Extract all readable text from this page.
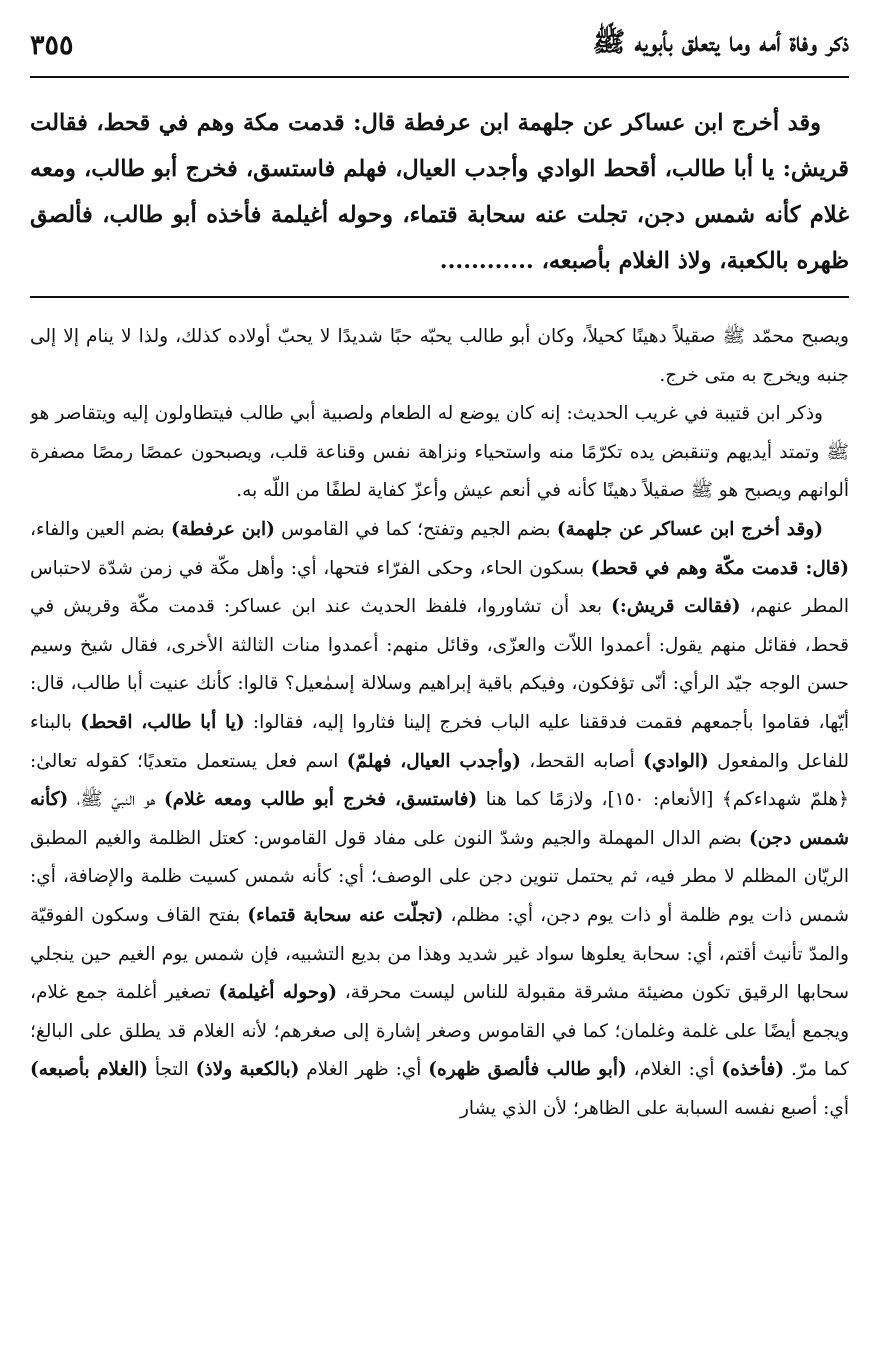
ذكر وفاة أمه وما يتعلق بأبويه ﷺ
٣٥٥

وقد أخرج ابن عساكر عن جلهمة ابن عرفطة قال: قدمت مكة وهم في قحط، فقالت قريش: يا أبا طالب، أقحط الوادي وأجدب العيال، فهلم فاستسق، فخرج أبو طالب، ومعه غلام كأنه شمس دجن، تجلت عنه سحابة قتماء، وحوله أغيلمة فأخذه أبو طالب، فألصق ظهره بالكعبة، ولاذ الغلام بأصبعه، ............

ويصبح محمّد ﷺ صقيلاً دهينًا كحيلاً، وكان أبو طالب يحبّه حبًا شديدًا لا يحبّ أولاده كذلك، ولذا لا ينام إلا إلى جنبه ويخرج به متى خرج.

وذكر ابن قتيبة في غريب الحديث: إنه كان يوضع له الطعام ولصبية أبي طالب فيتطاولون إليه ويتقاصر هو ﷺ وتمتد أيديهم وتنقبض يده تكرّمًا منه واستحياء ونزاهة نفس وقناعة قلب، ويصبحون عمصًا رمصًا مصفرة ألوانهم ويصبح هو ﷺ صقيلاً دهينًا كأنه في أنعم عيش وأعزّ كفاية لطفًا من اللّه به.

(وقد أخرج ابن عساكر عن جلهمة) بضم الجيم وتفتح؛ كما في القاموس (ابن عرفطة) بضم العين والفاء، (قال: قدمت مكّة وهم في قحط) بسكون الحاء، وحكى الفرّاء فتحها، أي: وأهل مكّة في زمن شدّة لاحتباس المطر عنهم، (فقالت قريش:) بعد أن تشاوروا، فلفظ الحديث عند ابن عساكر: قدمت مكّة وقريش في قحط، فقائل منهم يقول: أعمدوا اللاّت والعزّى، وقائل منهم: أعمدوا منات الثالثة الأخرى، فقال شيخ وسيم حسن الوجه جيّد الرأي: أنّى تؤفكون، وفيكم باقية إبراهيم وسلالة إسمٰعيل؟ قالوا: كأنك عنيت أبا طالب، قال: أيّها، فقاموا بأجمعهم فقمت فدققنا عليه الباب فخرج إلينا فثاروا إليه، فقالوا: (يا أبا طالب، اقحط) بالبناء للفاعل والمفعول (الوادي) أصابه القحط، (وأجدب العيال، فهلمّ) اسم فعل يستعمل متعديًا؛ كقوله تعالىٰ: ﴿هلمّ شهداءكم﴾ [الأنعام: ١٥٠]، ولازمًا كما هنا (فاستسق، فخرج أبو طالب ومعه غلام) هو النبيّ ﷺ، (كأنه شمس دجن) بضم الدال المهملة والجيم وشدّ النون على مفاد قول القاموس: كعتل الظلمة والغيم المطبق الريّان المظلم لا مطر فيه، ثم يحتمل تنوين دجن على الوصف؛ أي: كأنه شمس كسيت ظلمة والإضافة، أي: شمس ذات يوم ظلمة أو ذات يوم دجن، أي: مظلم، (تجلّت عنه سحابة قتماء) بفتح القاف وسكون الفوقيّة والمدّ تأنيث أقتم، أي: سحابة يعلوها سواد غير شديد وهذا من بديع التشبيه، فإن شمس يوم الغيم حين ينجلي سحابها الرقيق تكون مضيئة مشرقة مقبولة للناس ليست محرقة، (وحوله أغيلمة) تصغير أغلمة جمع غلام، ويجمع أيضًا على غلمة وغلمان؛ كما في القاموس وصغر إشارة إلى صغرهم؛ لأنه الغلام قد يطلق على البالغ؛ كما مرّ. (فأخذه) أي: الغلام، (أبو طالب فألصق ظهره) أي: ظهر الغلام (بالكعبة ولاذ) التجأ (الغلام بأصبعه) أي: أصبع نفسه السبابة على الظاهر؛ لأن الذي يشار
